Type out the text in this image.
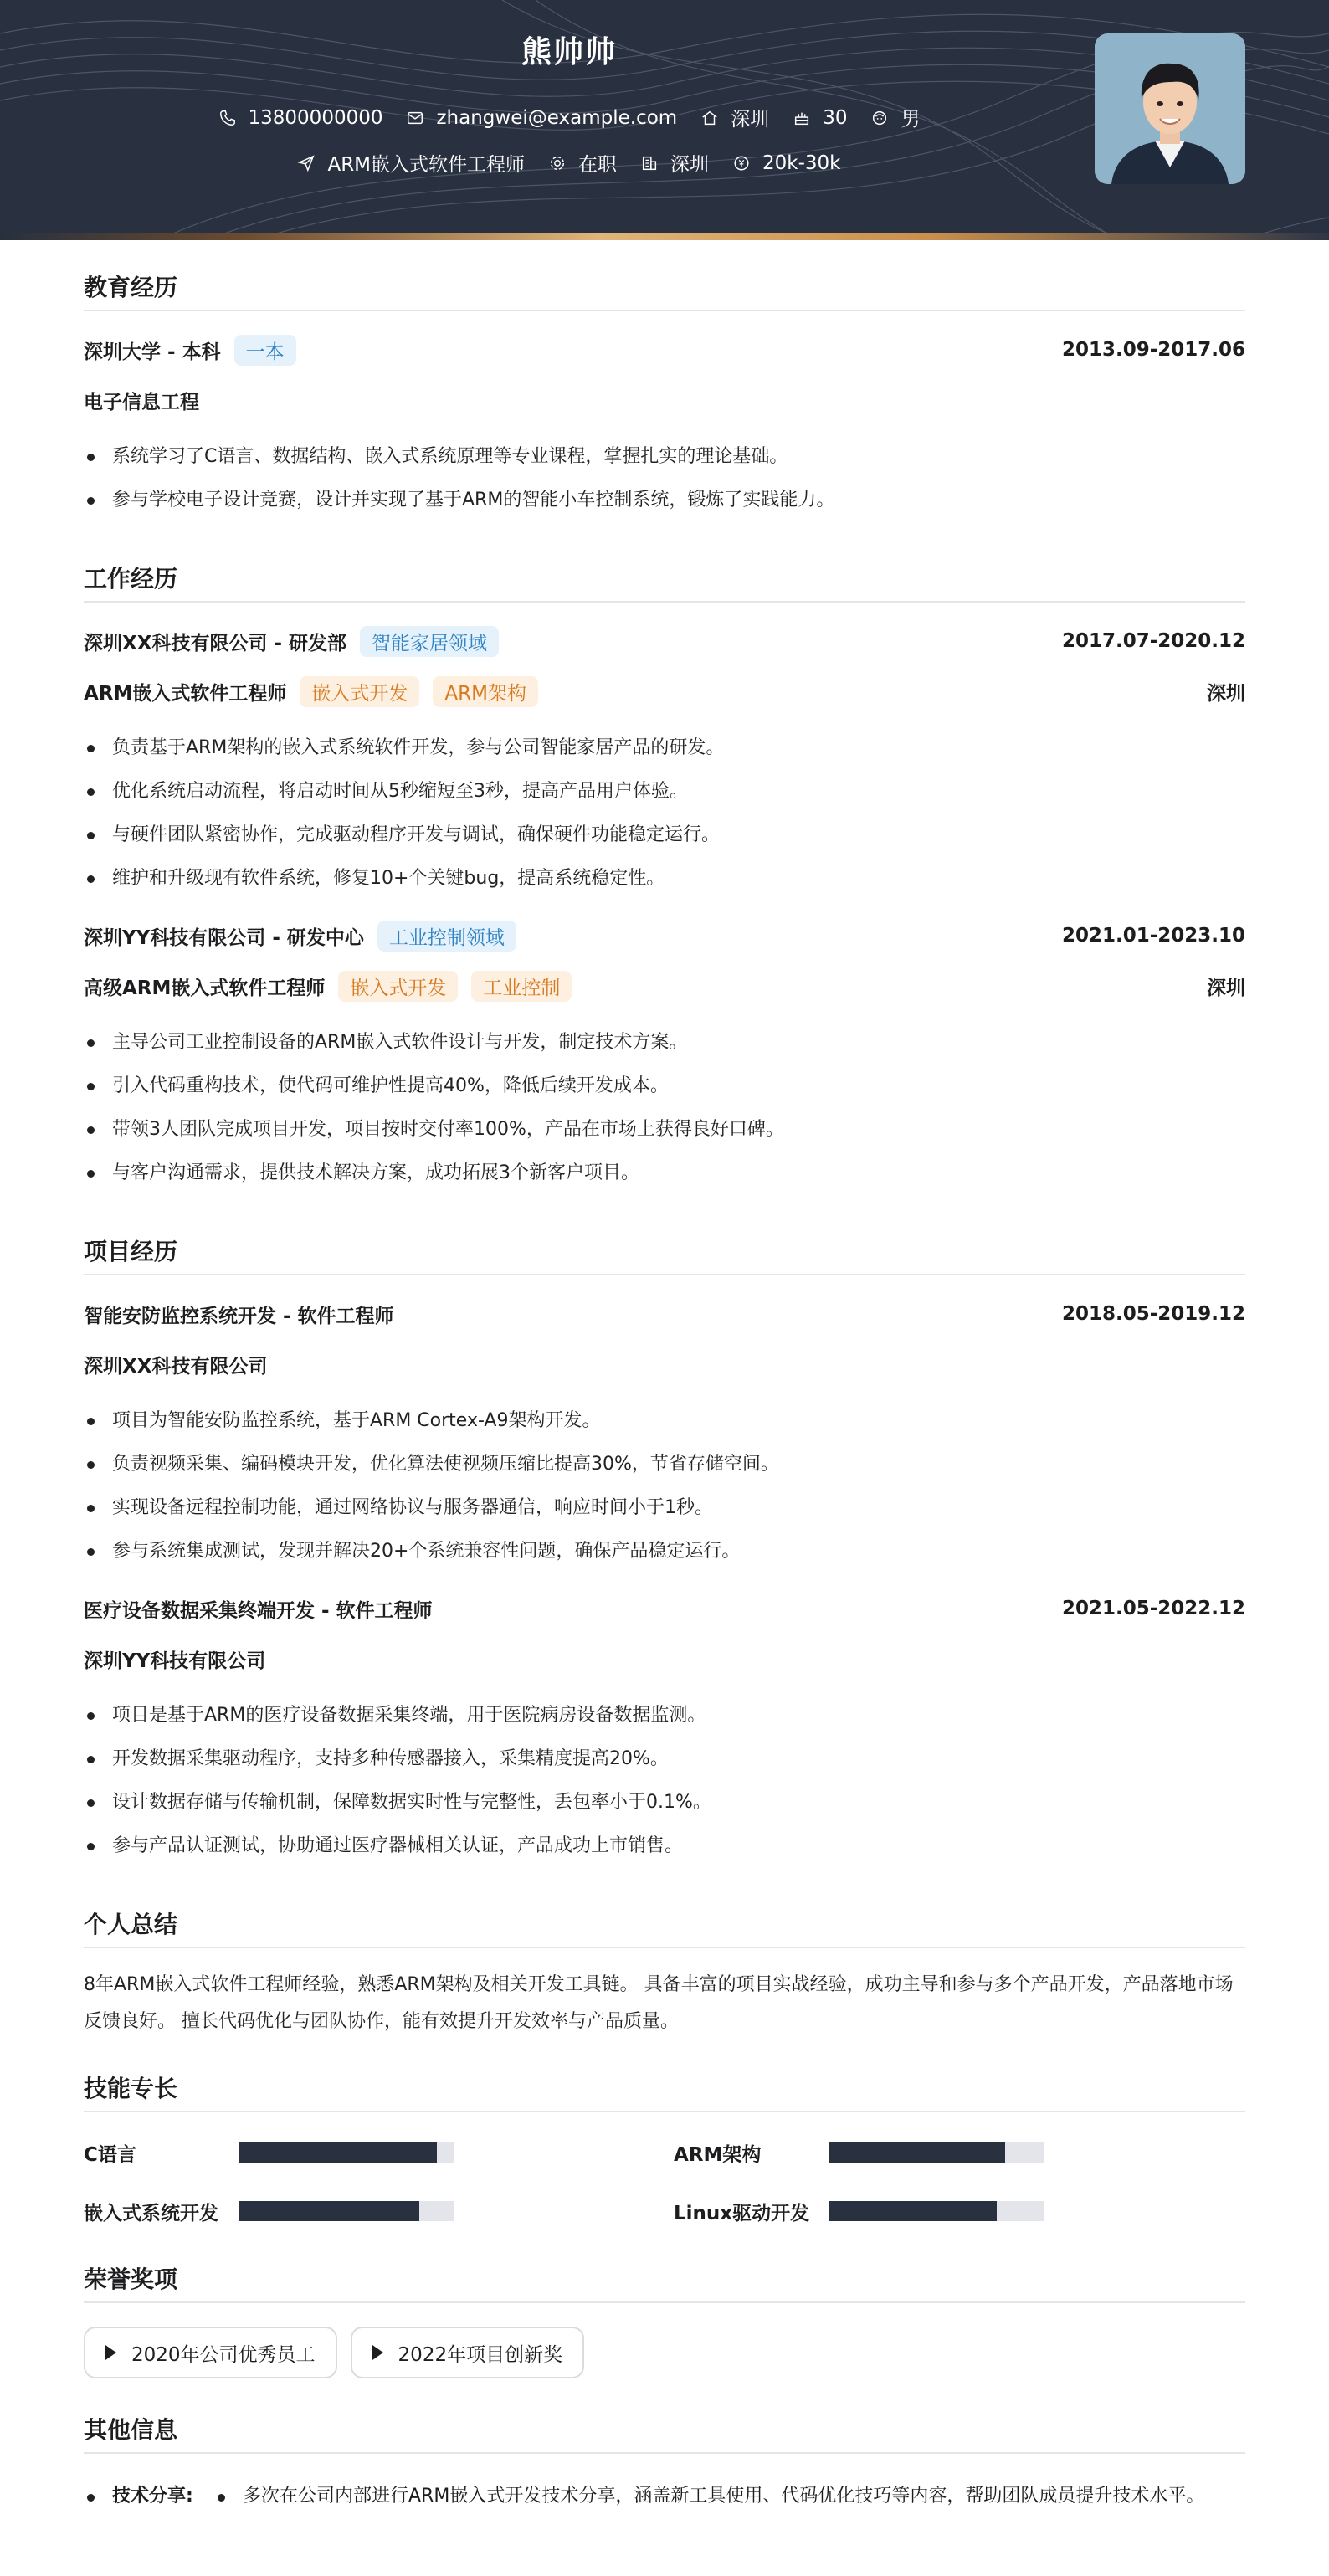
熊帅帅
13800000000	zhangwei@example.com	深圳	30	男
ARM嵌入式软件工程师	在职	深圳	20k-30k
教育经历
深圳大学 - 本科	一本	2013.09-2017.06
电子信息工程
系统学习了C语言、数据结构、嵌入式系统原理等专业课程，掌握扎实的理论基础。
参与学校电子设计竞赛，设计并实现了基于ARM的智能小车控制系统，锻炼了实践能力。
工作经历
深圳XX科技有限公司 - 研发部	智能家居领域	2017.07-2020.12
ARM嵌入式软件工程师	嵌入式开发	ARM架构	深圳
负责基于ARM架构的嵌入式系统软件开发，参与公司智能家居产品的研发。
优化系统启动流程，将启动时间从5秒缩短至3秒，提高产品用户体验。
与硬件团队紧密协作，完成驱动程序开发与调试，确保硬件功能稳定运行。
维护和升级现有软件系统，修复10+个关键bug，提高系统稳定性。
深圳YY科技有限公司 - 研发中心	工业控制领域	2021.01-2023.10
高级ARM嵌入式软件工程师	嵌入式开发	工业控制	深圳
主导公司工业控制设备的ARM嵌入式软件设计与开发，制定技术方案。
引入代码重构技术，使代码可维护性提高40%，降低后续开发成本。
带领3人团队完成项目开发，项目按时交付率100%，产品在市场上获得良好口碑。
与客户沟通需求，提供技术解决方案，成功拓展3个新客户项目。
项目经历
智能安防监控系统开发 - 软件工程师	2018.05-2019.12
深圳XX科技有限公司
项目为智能安防监控系统，基于ARM Cortex-A9架构开发。
负责视频采集、编码模块开发，优化算法使视频压缩比提高30%，节省存储空间。
实现设备远程控制功能，通过网络协议与服务器通信，响应时间小于1秒。
参与系统集成测试，发现并解决20+个系统兼容性问题，确保产品稳定运行。
医疗设备数据采集终端开发 - 软件工程师	2021.05-2022.12
深圳YY科技有限公司
项目是基于ARM的医疗设备数据采集终端，用于医院病房设备数据监测。
开发数据采集驱动程序，支持多种传感器接入，采集精度提高20%。
设计数据存储与传输机制，保障数据实时性与完整性，丢包率小于0.1%。
参与产品认证测试，协助通过医疗器械相关认证，产品成功上市销售。
个人总结
8年ARM嵌入式软件工程师经验，熟悉ARM架构及相关开发工具链。 具备丰富的项目实战经验，成功主导和参与多个产品开发，产品落地市场反馈良好。 擅长代码优化与团队协作，能有效提升开发效率与产品质量。
技能专长
C语言	ARM架构
嵌入式系统开发	Linux驱动开发
荣誉奖项
2020年公司优秀员工	2022年项目创新奖
其他信息
技术分享:	多次在公司内部进行ARM嵌入式开发技术分享，涵盖新工具使用、代码优化技巧等内容，帮助团队成员提升技术水平。
